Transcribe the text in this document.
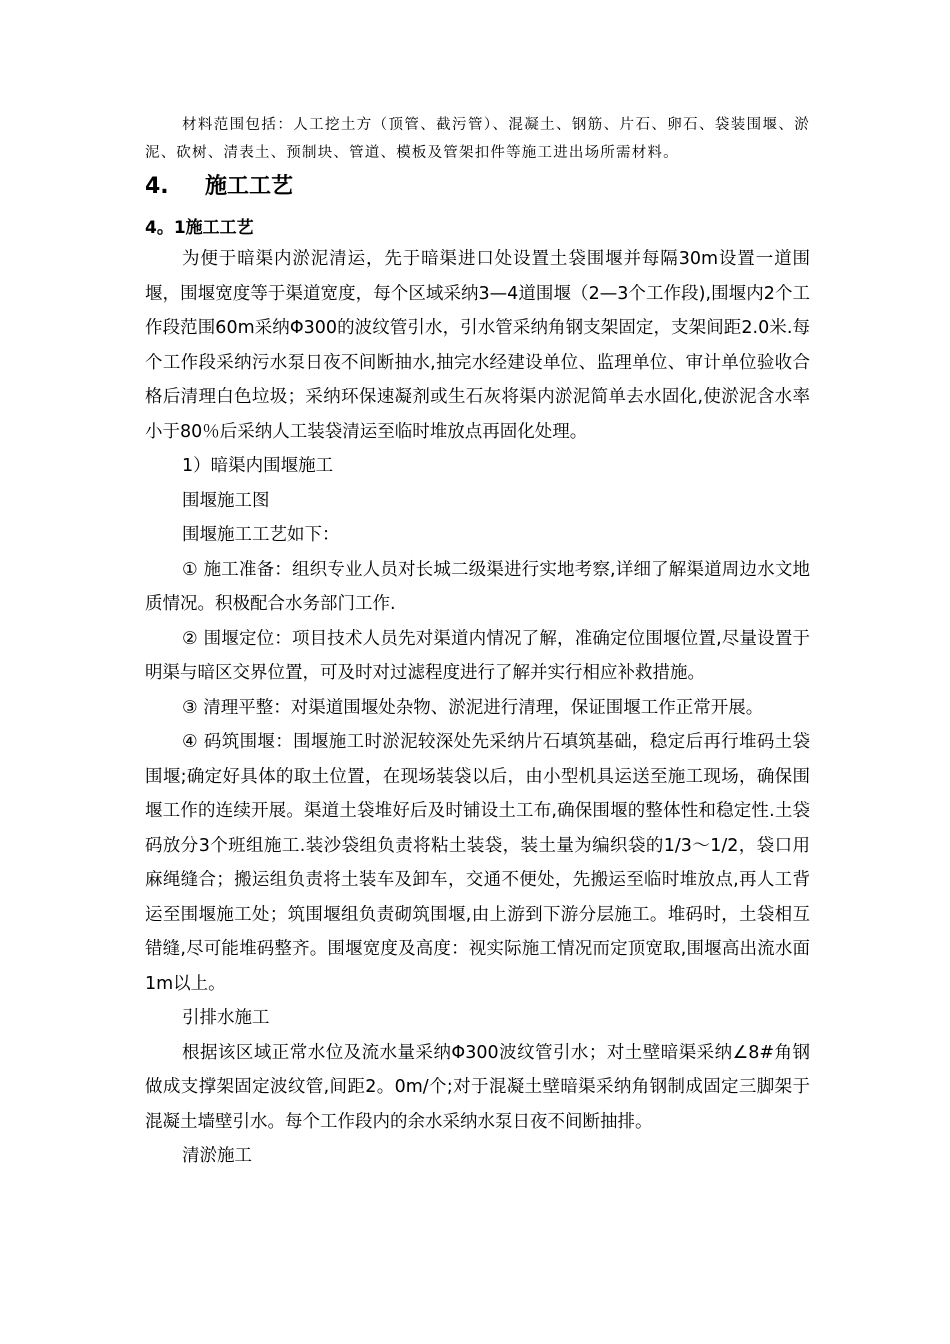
材料范围包括：人工挖土方（顶管、截污管）、混凝土、钢筋、片石、卵石、袋装围堰、淤泥、砍树、清表土、预制块、管道、模板及管架扣件等施工进出场所需材料。

4. 施工工艺
4。1施工工艺

为便于暗渠内淤泥清运，先于暗渠进口处设置土袋围堰并每隔30m设置一道围堰，围堰宽度等于渠道宽度，每个区域采纳3—4道围堰（2—3个工作段),围堰内2个工作段范围60m采纳Φ300的波纹管引水，引水管采纳角钢支架固定，支架间距2.0米.每个工作段采纳污水泵日夜不间断抽水,抽完水经建设单位、监理单位、审计单位验收合格后清理白色垃圾；采纳环保速凝剂或生石灰将渠内淤泥简单去水固化,使淤泥含水率小于80％后采纳人工装袋清运至临时堆放点再固化处理。

1）暗渠内围堰施工

围堰施工图

围堰施工工艺如下：

① 施工准备：组织专业人员对长城二级渠进行实地考察,详细了解渠道周边水文地质情况。积极配合水务部门工作.

② 围堰定位：项目技术人员先对渠道内情况了解，准确定位围堰位置,尽量设置于明渠与暗区交界位置，可及时对过滤程度进行了解并实行相应补救措施。

③ 清理平整：对渠道围堰处杂物、淤泥进行清理，保证围堰工作正常开展。

④ 码筑围堰：围堰施工时淤泥较深处先采纳片石填筑基础，稳定后再行堆码土袋围堰;确定好具体的取土位置，在现场装袋以后，由小型机具运送至施工现场，确保围堰工作的连续开展。渠道土袋堆好后及时铺设土工布,确保围堰的整体性和稳定性.土袋码放分3个班组施工.装沙袋组负责将粘土装袋，装土量为编织袋的1/3～1/2，袋口用麻绳缝合；搬运组负责将土装车及卸车，交通不便处，先搬运至临时堆放点,再人工背运至围堰施工处；筑围堰组负责砌筑围堰,由上游到下游分层施工。堆码时，土袋相互错缝,尽可能堆码整齐。围堰宽度及高度：视实际施工情况而定顶宽取,围堰高出流水面1m以上。

引排水施工

根据该区域正常水位及流水量采纳Φ300波纹管引水；对土壁暗渠采纳∠8#角钢做成支撑架固定波纹管,间距2。0m/个;对于混凝土壁暗渠采纳角钢制成固定三脚架于混凝土墙壁引水。每个工作段内的余水采纳水泵日夜不间断抽排。

清淤施工
